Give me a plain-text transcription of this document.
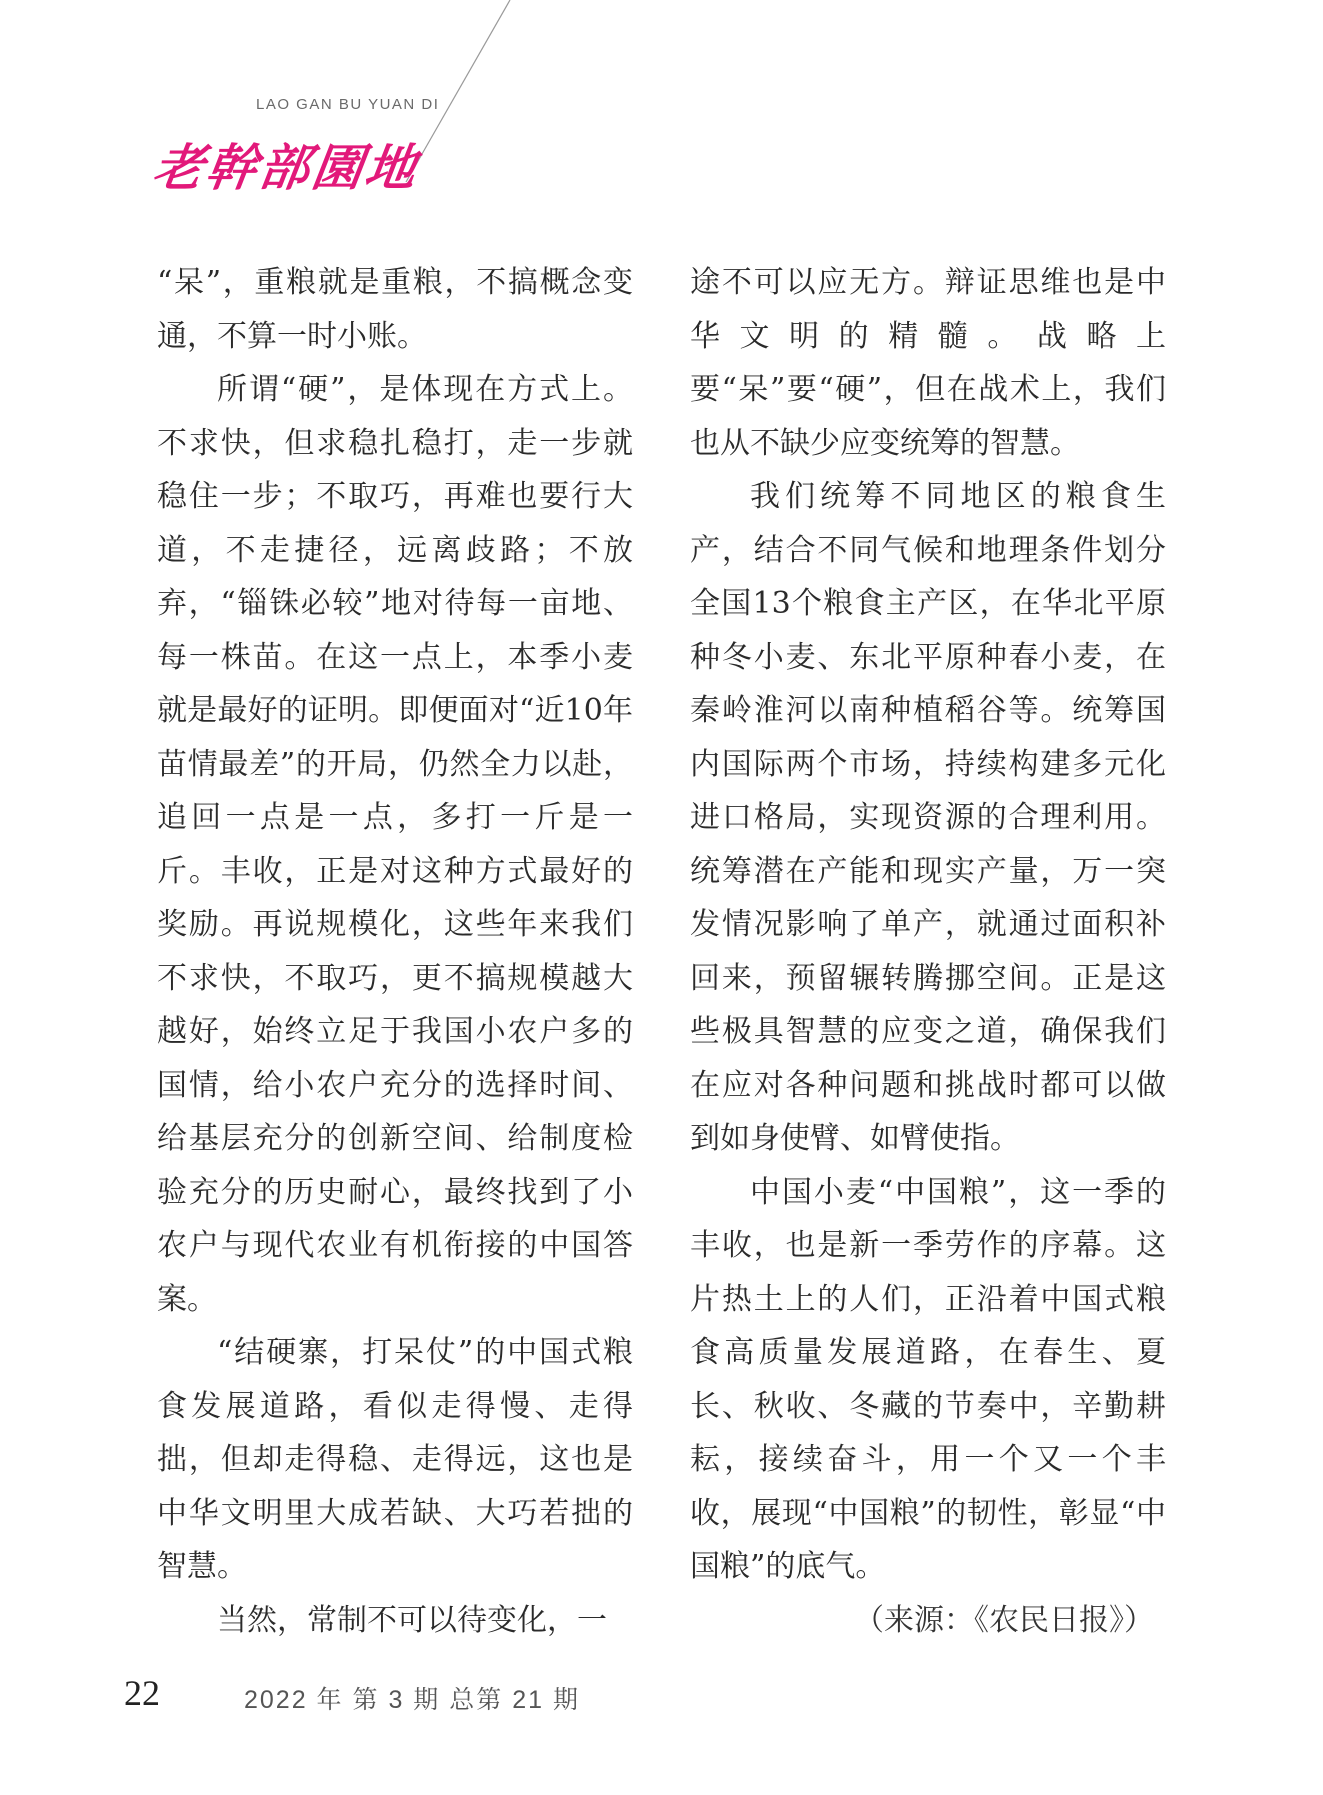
LAO GAN BU YUAN DI
老幹部園地

“呆”，重粮就是重粮，不搞概念变通，不算一时小账。

所谓“硬”，是体现在方式上。不求快，但求稳扎稳打，走一步就稳住一步；不取巧，再难也要行大道，不走捷径，远离歧路；不放弃，“锱铢必较”地对待每一亩地、每一株苗。在这一点上，本季小麦就是最好的证明。即便面对“近10年苗情最差”的开局，仍然全力以赴，追回一点是一点，多打一斤是一斤。丰收，正是对这种方式最好的奖励。再说规模化，这些年来我们不求快，不取巧，更不搞规模越大越好，始终立足于我国小农户多的国情，给小农户充分的选择时间、给基层充分的创新空间、给制度检验充分的历史耐心，最终找到了小农户与现代农业有机衔接的中国答案。

“结硬寨，打呆仗”的中国式粮食发展道路，看似走得慢、走得拙，但却走得稳、走得远，这也是中华文明里大成若缺、大巧若拙的智慧。

当然，常制不可以待变化，一

途不可以应无方。辩证思维也是中华文明的精髓。战略上要“呆”要“硬”，但在战术上，我们也从不缺少应变统筹的智慧。

我们统筹不同地区的粮食生产，结合不同气候和地理条件划分全国13个粮食主产区，在华北平原种冬小麦、东北平原种春小麦，在秦岭淮河以南种植稻谷等。统筹国内国际两个市场，持续构建多元化进口格局，实现资源的合理利用。统筹潜在产能和现实产量，万一突发情况影响了单产，就通过面积补回来，预留辗转腾挪空间。正是这些极具智慧的应变之道，确保我们在应对各种问题和挑战时都可以做到如身使臂、如臂使指。

中国小麦“中国粮”，这一季的丰收，也是新一季劳作的序幕。这片热土上的人们，正沿着中国式粮食高质量发展道路，在春生、夏长、秋收、冬藏的节奏中，辛勤耕耘，接续奋斗，用一个又一个丰收，展现“中国粮”的韧性，彰显“中国粮”的底气。

（来源：《农民日报》）

22	2022 年 第 3 期 总第 21 期
